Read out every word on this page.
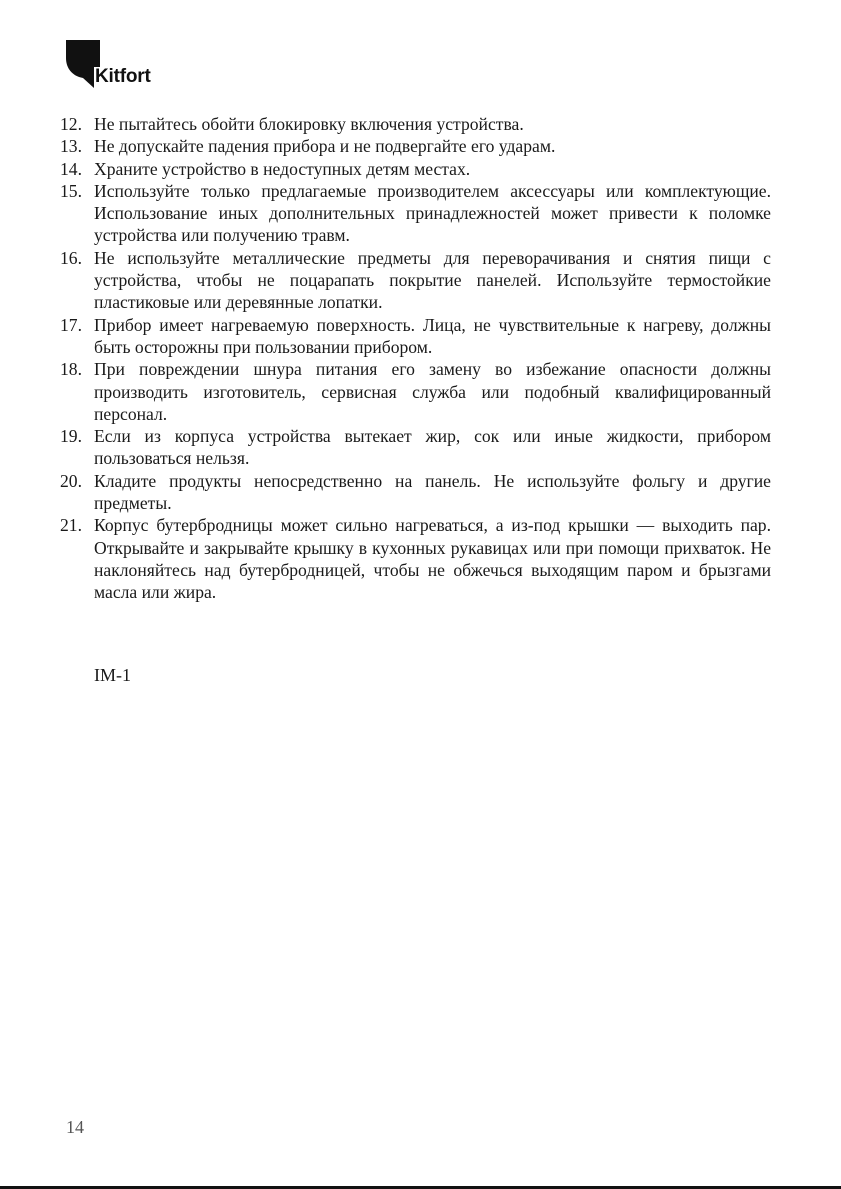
Kitfort
12. Не пытайтесь обойти блокировку включения устройства.
13. Не допускайте падения прибора и не подвергайте его ударам.
14. Храните устройство в недоступных детям местах.
15. Используйте только предлагаемые производителем аксессуары или комплектующие. Использование иных дополнительных принадлежностей может привести к поломке устройства или получению травм.
16. Не используйте металлические предметы для переворачивания и снятия пищи с устройства, чтобы не поцарапать покрытие панелей. Используйте термостойкие пластиковые или деревянные лопатки.
17. Прибор имеет нагреваемую поверхность. Лица, не чувствительные к нагреву, должны быть осторожны при пользовании прибором.
18. При повреждении шнура питания его замену во избежание опасности должны производить изготовитель, сервисная служба или подобный квалифицированный персонал.
19. Если из корпуса устройства вытекает жир, сок или иные жидкости, прибором пользоваться нельзя.
20. Кладите продукты непосредственно на панель. Не используйте фольгу и другие предметы.
21. Корпус бутербродницы может сильно нагреваться, а из-под крышки — выходить пар. Открывайте и закрывайте крышку в кухонных рукавицах или при помощи прихваток. Не наклоняйтесь над бутербродницей, чтобы не обжечься выходящим паром и брызгами масла или жира.
IM-1
14
